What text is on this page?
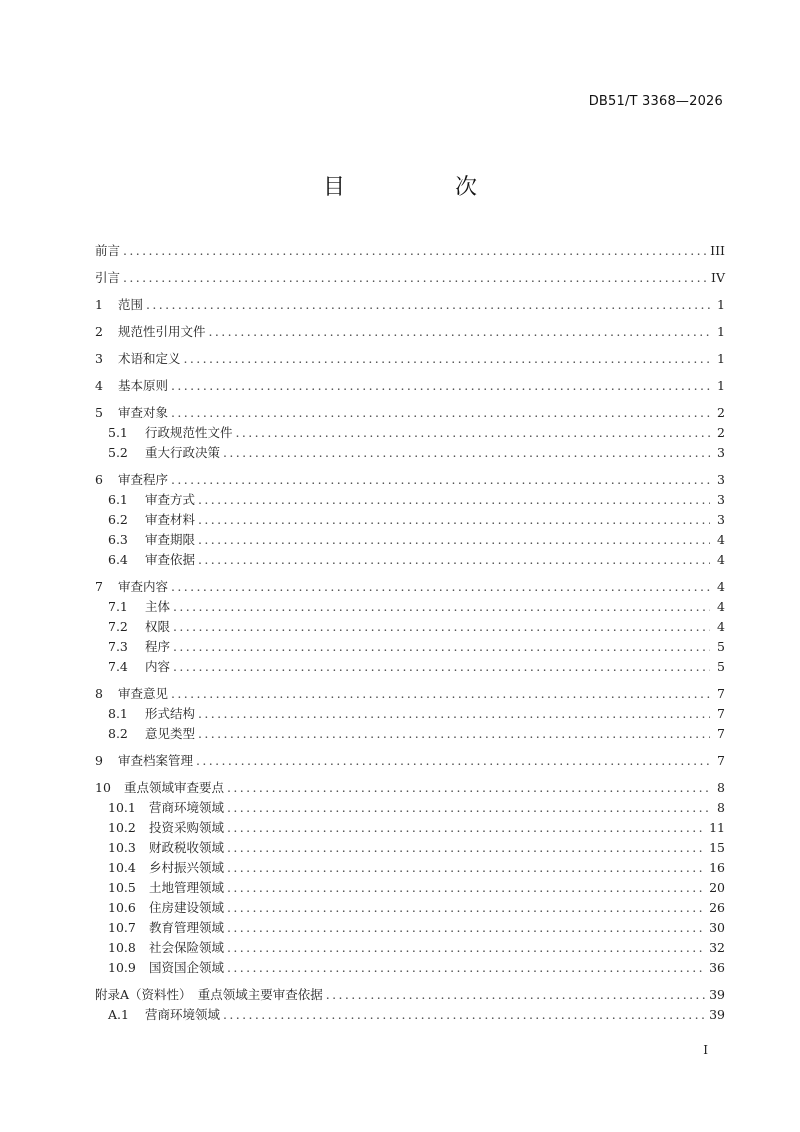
DB51/T 3368—2026
目　次
前言 .....	III
引言 .....	IV
1	范围 .....	1
2	规范性引用文件 .....	1
3	术语和定义 .....	1
4	基本原则 .....	1
5	审查对象 .....	2
5.1	行政规范性文件 .....	2
5.2	重大行政决策 .....	3
6	审查程序 .....	3
6.1	审查方式 .....	3
6.2	审查材料 .....	3
6.3	审查期限 .....	4
6.4	审查依据 .....	4
7	审查内容 .....	4
7.1	主体 .....	4
7.2	权限 .....	4
7.3	程序 .....	5
7.4	内容 .....	5
8	审查意见 .....	7
8.1	形式结构 .....	7
8.2	意见类型 .....	7
9	审查档案管理 .....	7
10 重点领域审查要点 .....	8
10.1 营商环境领域 .....	8
10.2 投资采购领域 .....	11
10.3 财政税收领域 .....	15
10.4 乡村振兴领域 .....	16
10.5 土地管理领域 .....	20
10.6 住房建设领域 .....	26
10.7 教育管理领域 .....	30
10.8 社会保险领域 .....	32
10.9 国资国企领域 .....	36
附录A（资料性）　重点领域主要审查依据 .....	39
A.1	营商环境领域 .....	39
I
